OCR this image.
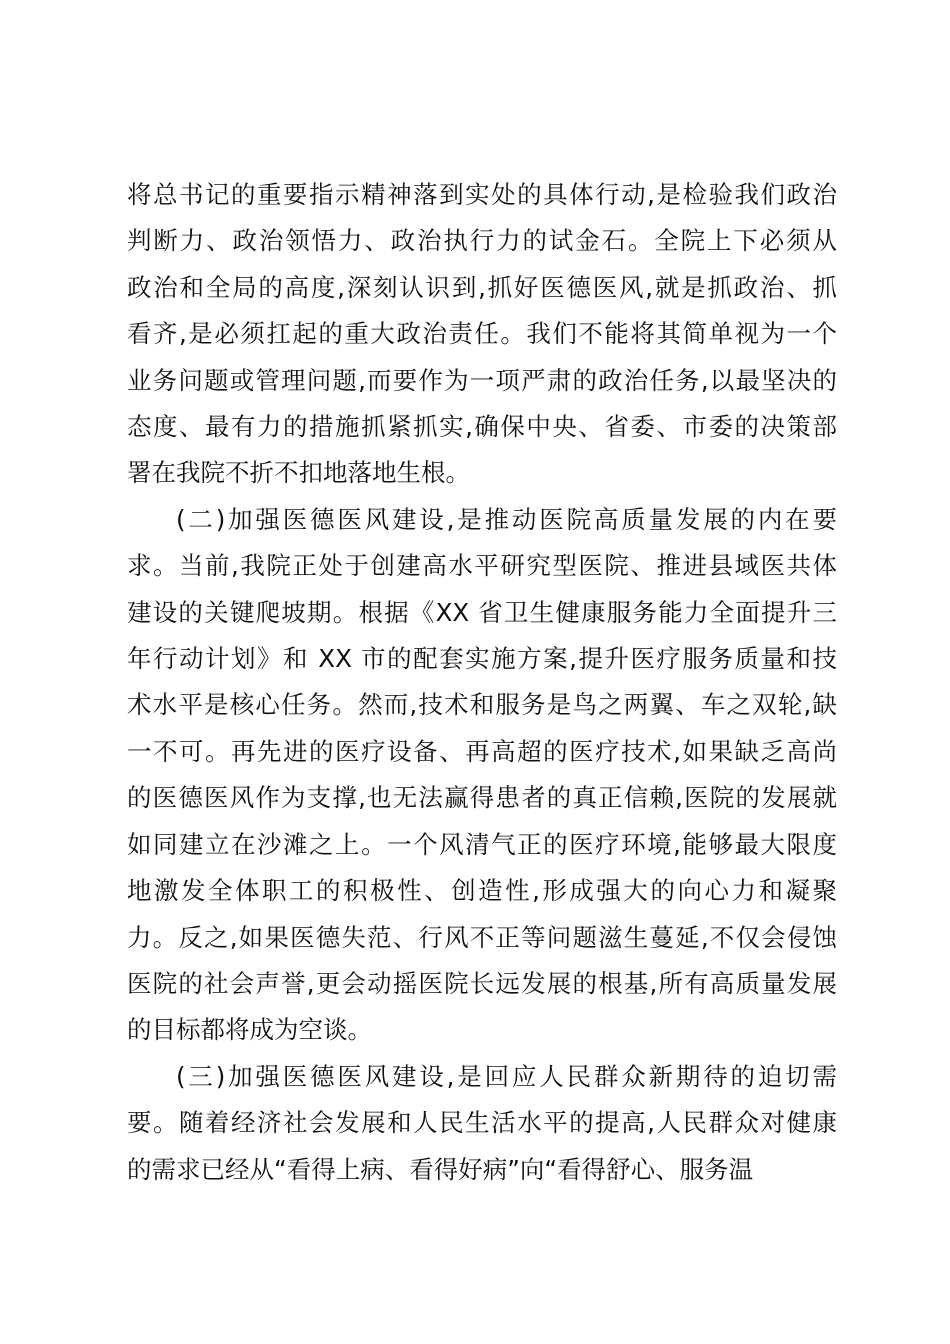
将总书记的重要指示精神落到实处的具体行动,是检验我们政治
判断力、政治领悟力、政治执行力的试金石。全院上下必须从
政治和全局的高度,深刻认识到,抓好医德医风,就是抓政治、抓
看齐,是必须扛起的重大政治责任。我们不能将其简单视为一个
业务问题或管理问题,而要作为一项严肃的政治任务,以最坚决的
态度、最有力的措施抓紧抓实,确保中央、省委、市委的决策部
署在我院不折不扣地落地生根。

(二)加强医德医风建设,是推动医院高质量发展的内在要
求。当前,我院正处于创建高水平研究型医院、推进县域医共体
建设的关键爬坡期。根据《XX 省卫生健康服务能力全面提升三
年行动计划》和 XX 市的配套实施方案,提升医疗服务质量和技
术水平是核心任务。然而,技术和服务是鸟之两翼、车之双轮,缺
一不可。再先进的医疗设备、再高超的医疗技术,如果缺乏高尚
的医德医风作为支撑,也无法赢得患者的真正信赖,医院的发展就
如同建立在沙滩之上。一个风清气正的医疗环境,能够最大限度
地激发全体职工的积极性、创造性,形成强大的向心力和凝聚
力。反之,如果医德失范、行风不正等问题滋生蔓延,不仅会侵蚀
医院的社会声誉,更会动摇医院长远发展的根基,所有高质量发展
的目标都将成为空谈。

(三)加强医德医风建设,是回应人民群众新期待的迫切需
要。随着经济社会发展和人民生活水平的提高,人民群众对健康
的需求已经从“看得上病、看得好病”向“看得舒心、服务温
